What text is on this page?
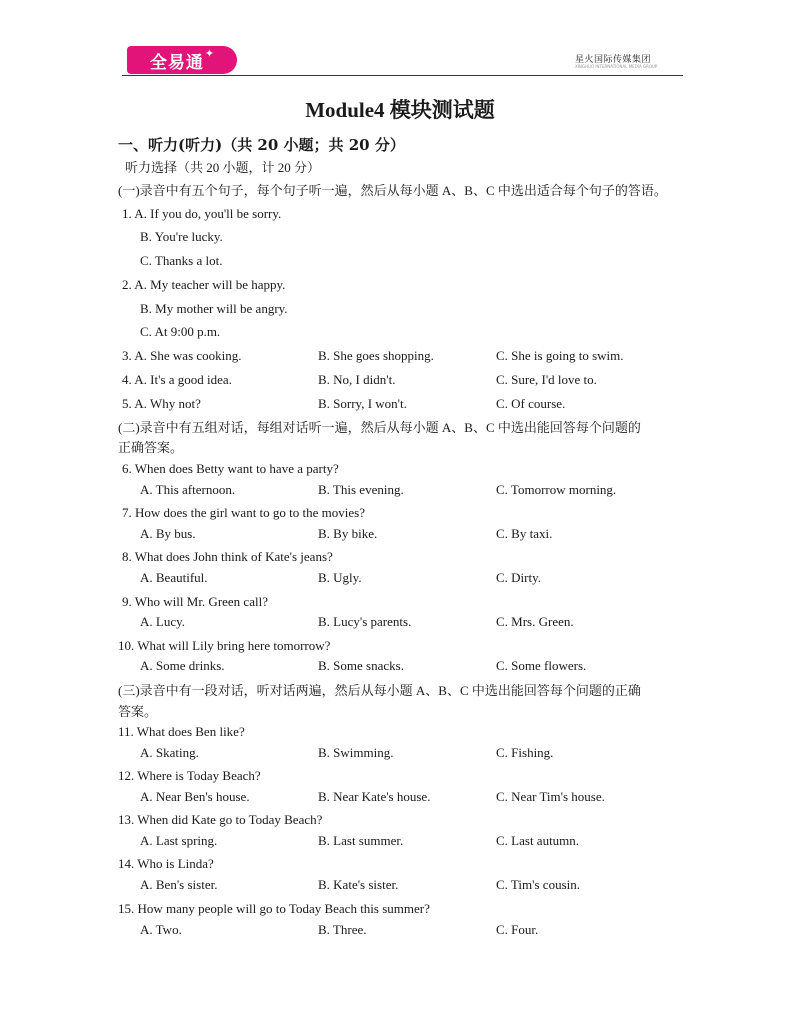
全易通 ✦
星火国际传媒集团
XINGHUO INTERNATIONAL MEDIA GROUP
Module4 模块测试题
一、听力(听力)（共 20 小题；共 20 分）
听力选择（共 20 小题，计 20 分）
(一)录音中有五个句子，每个句子听一遍，然后从每小题 A、B、C 中选出适合每个句子的答语。
1. A. If you do, you'll be sorry.
B. You're lucky.
C. Thanks a lot.
2. A. My teacher will be happy.
B. My mother will be angry.
C. At 9:00 p.m.
3. A. She was cooking.	B. She goes shopping.	C. She is going to swim.
4. A. It's a good idea.	B. No, I didn't.	C. Sure, I'd love to.
5. A. Why not?	B. Sorry, I won't.	C. Of course.
(二)录音中有五组对话，每组对话听一遍，然后从每小题 A、B、C 中选出能回答每个问题的
正确答案。
6. When does Betty want to have a party?
A. This afternoon.	B. This evening.	C. Tomorrow morning.
7. How does the girl want to go to the movies?
A. By bus.	B. By bike.	C. By taxi.
8. What does John think of Kate's jeans?
A. Beautiful.	B. Ugly.	C. Dirty.
9. Who will Mr. Green call?
A. Lucy.	B. Lucy's parents.	C. Mrs. Green.
10. What will Lily bring here tomorrow?
A. Some drinks.	B. Some snacks.	C. Some flowers.
(三)录音中有一段对话，听对话两遍，然后从每小题 A、B、C 中选出能回答每个问题的正确
答案。
11. What does Ben like?
A. Skating.	B. Swimming.	C. Fishing.
12. Where is Today Beach?
A. Near Ben's house.	B. Near Kate's house.	C. Near Tim's house.
13. When did Kate go to Today Beach?
A. Last spring.	B. Last summer.	C. Last autumn.
14. Who is Linda?
A. Ben's sister.	B. Kate's sister.	C. Tim's cousin.
15. How many people will go to Today Beach this summer?
A. Two.	B. Three.	C. Four.
